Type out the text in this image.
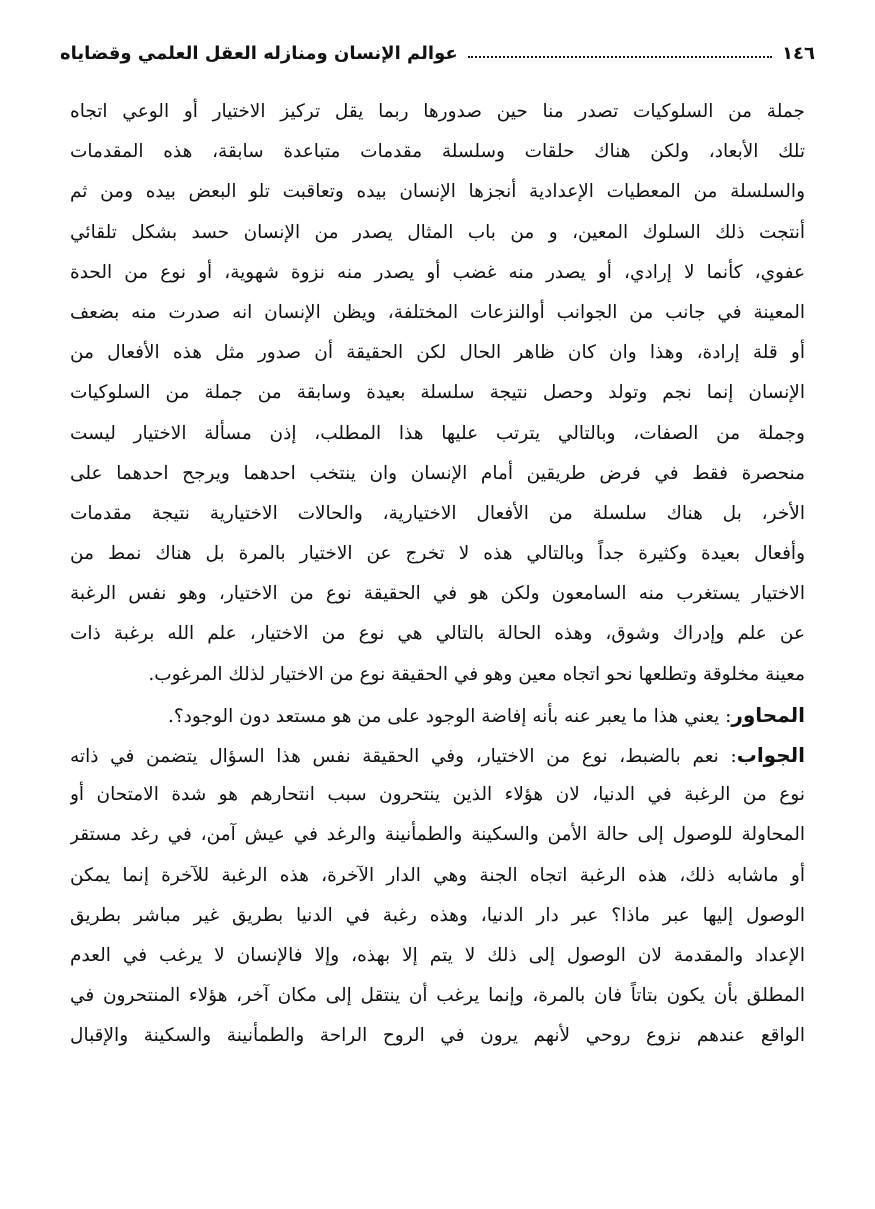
١٤٦
عوالم الإنسان ومنازله العقل العلمي وقضاياه
جملة من السلوكيات تصدر منا حين صدورها ربما يقل تركيز الاختيار أو الوعي اتجاه
تلك الأبعاد، ولكن هناك حلقات وسلسلة مقدمات متباعدة سابقة، هذه المقدمات
والسلسلة من المعطيات الإعدادية أنجزها الإنسان بيده وتعاقبت تلو البعض بيده ومن ثم
أنتجت ذلك السلوك المعين، و من باب المثال يصدر من الإنسان حسد بشكل تلقائي
عفوي، كأنما لا إرادي، أو يصدر منه غضب أو يصدر منه نزوة شهوية، أو نوع من الحدة
المعينة في جانب من الجوانب أوالنزعات المختلفة، ويظن الإنسان انه صدرت منه بضعف
أو قلة إرادة، وهذا وان كان ظاهر الحال لكن الحقيقة أن صدور مثل هذه الأفعال من
الإنسان إنما نجم وتولد وحصل نتيجة سلسلة بعيدة وسابقة من جملة من السلوكيات
وجملة من الصفات، وبالتالي يترتب عليها هذا المطلب، إذن مسألة الاختيار ليست
منحصرة فقط في فرض طريقين أمام الإنسان وان ينتخب احدهما ويرجح احدهما على
الأخر، بل هناك سلسلة من الأفعال الاختيارية، والحالات الاختيارية نتيجة مقدمات
وأفعال بعيدة وكثيرة جداً وبالتالي هذه لا تخرج عن الاختيار بالمرة بل هناك نمط من
الاختيار يستغرب منه السامعون ولكن هو في الحقيقة نوع من الاختيار، وهو نفس الرغبة
عن علم وإدراك وشوق، وهذه الحالة بالتالي هي نوع من الاختيار، علم الله برغبة ذات
معينة مخلوقة وتطلعها نحو اتجاه معين وهو في الحقيقة نوع من الاختيار لذلك المرغوب.
المحاور: يعني هذا ما يعبر عنه بأنه إفاضة الوجود على من هو مستعد دون الوجود؟.
الجواب: نعم بالضبط، نوع من الاختيار، وفي الحقيقة نفس هذا السؤال يتضمن في ذاته
نوع من الرغبة في الدنيا، لان هؤلاء الذين ينتحرون سبب انتحارهم هو شدة الامتحان أو
المحاولة للوصول إلى حالة الأمن والسكينة والطمأنينة والرغد في عيش آمن، في رغد مستقر
أو ماشابه ذلك، هذه الرغبة اتجاه الجنة وهي الدار الآخرة، هذه الرغبة للآخرة إنما يمكن
الوصول إليها عبر ماذا؟ عبر دار الدنيا، وهذه رغبة في الدنيا بطريق غير مباشر بطريق
الإعداد والمقدمة لان الوصول إلى ذلك لا يتم إلا بهذه، وإلا فالإنسان لا يرغب في العدم
المطلق بأن يكون بتاتاً فان بالمرة، وإنما يرغب أن ينتقل إلى مكان آخر، هؤلاء المنتحرون في
الواقع عندهم نزوع روحي لأنهم يرون في الروح الراحة والطمأنينة والسكينة والإقبال
